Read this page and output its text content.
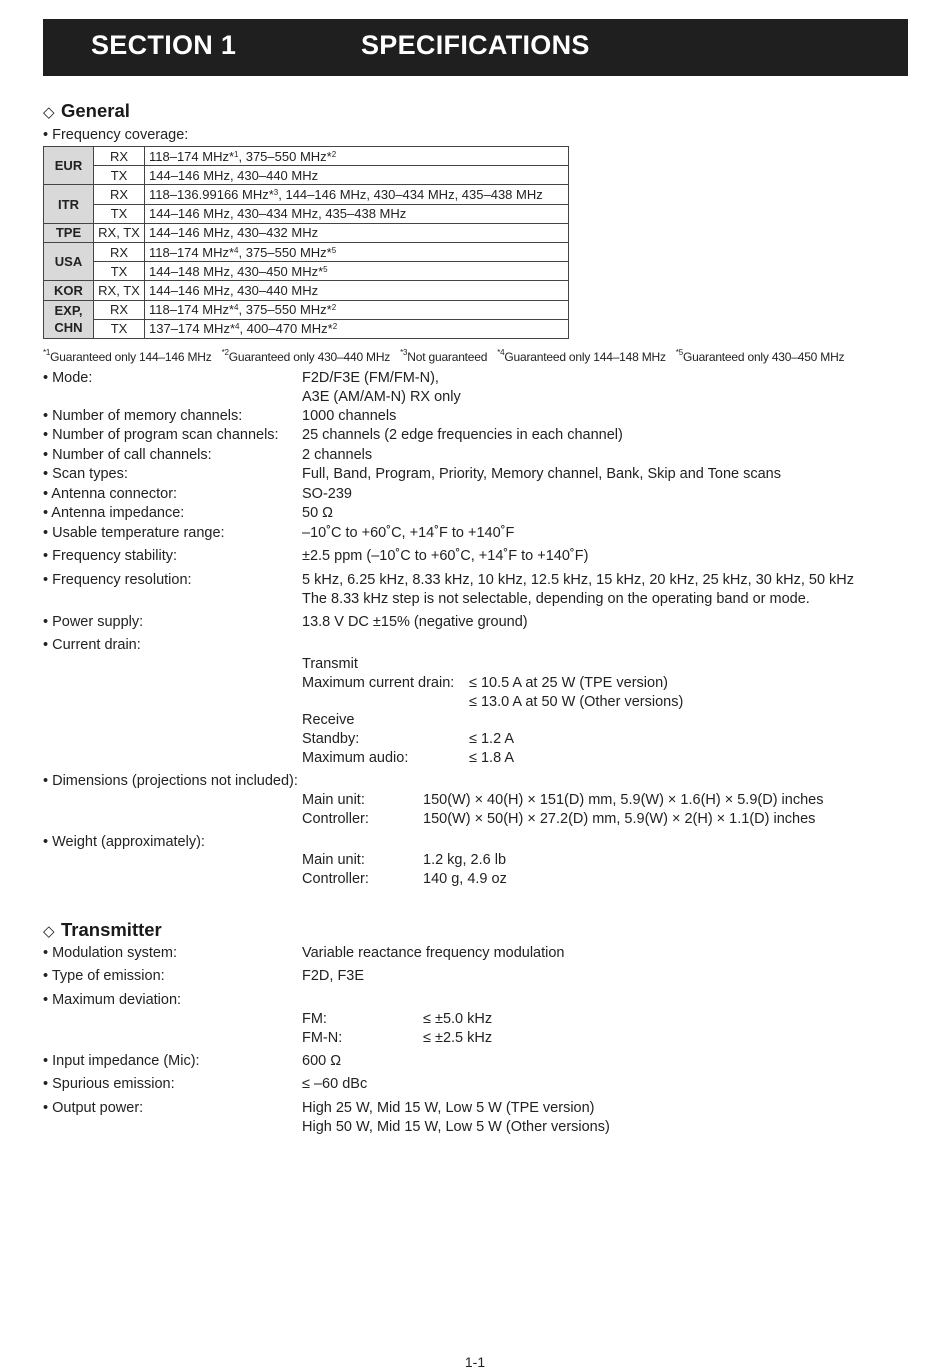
SECTION 1	SPECIFICATIONS
◇ General
• Frequency coverage:
EUR	RX	118–174 MHz*$^1$, 375–550 MHz*$^2$
	TX	144–146 MHz, 430–440 MHz
ITR	RX	118–136.99166 MHz*$^3$, 144–146 MHz, 430–434 MHz, 435–438 MHz
	TX	144–146 MHz, 430–434 MHz, 435–438 MHz
TPE	RX, TX	144–146 MHz, 430–432 MHz
USA	RX	118–174 MHz*$^4$, 375–550 MHz*$^5$
	TX	144–148 MHz, 430–450 MHz*$^5$
KOR	RX, TX	144–146 MHz, 430–440 MHz

EXP,
CHN	RX	118–174 MHz*$^4$, 375–550 MHz*$^2$
	TX	137–174 MHz*$^4$, 400–470 MHz*$^2$
$^{*1}$Guaranteed only 144–146 MHz $^{*2}$Guaranteed only 430–440 MHz $^{*3}$Not guaranteed $^{*4}$Guaranteed only 144–148 MHz $^{*5}$Guaranteed only 430–450 MHz
• Mode:	F2D/F3E (FM/FM-N),
A3E (AM/AM-N) RX only
• Number of memory channels:	1000 channels
• Number of program scan channels: 25 channels (2 edge frequencies in each channel)
• Number of call channels:	2 channels
• Scan types:	Full, Band, Program, Priority, Memory channel, Bank, Skip and Tone scans
• Antenna connector:	SO-239
• Antenna impedance:	50 Ω
• Usable temperature range:	–10˚C to +60˚C, +14˚F to +140˚F
• Frequency stability:	±2.5 ppm (–10˚C to +60˚C, +14˚F to +140˚F)
• Frequency resolution:	5 kHz, 6.25 kHz, 8.33 kHz, 10 kHz, 12.5 kHz, 15 kHz, 20 kHz, 25 kHz, 30 kHz, 50 kHz
The 8.33 kHz step is not selectable, depending on the operating band or mode.
• Power supply:	13.8 V DC ±15% (negative ground)
• Current drain:
Transmit
Maximum current drain: ≤ 10.5 A at 25 W (TPE version)
≤ 13.0 A at 50 W (Other versions)
Receive
Standby:	≤ 1.2 A
Maximum audio:	≤ 1.8 A
• Dimensions (projections not included):
Main unit:	150(W) × 40(H) × 151(D) mm, 5.9(W) × 1.6(H) × 5.9(D) inches
Controller:	150(W) × 50(H) × 27.2(D) mm, 5.9(W) × 2(H) × 1.1(D) inches
• Weight (approximately):
Main unit:	1.2 kg, 2.6 lb
Controller:	140 g, 4.9 oz
◇ Transmitter
• Modulation system:	Variable reactance frequency modulation
• Type of emission:	F2D, F3E
• Maximum deviation:
FM:	≤ ±5.0 kHz
FM-N:	≤ ±2.5 kHz
• Input impedance (Mic):	600 Ω
• Spurious emission:	≤ –60 dBc
• Output power:	High 25 W, Mid 15 W, Low 5 W (TPE version)
High 50 W, Mid 15 W, Low 5 W (Other versions)
1-1
